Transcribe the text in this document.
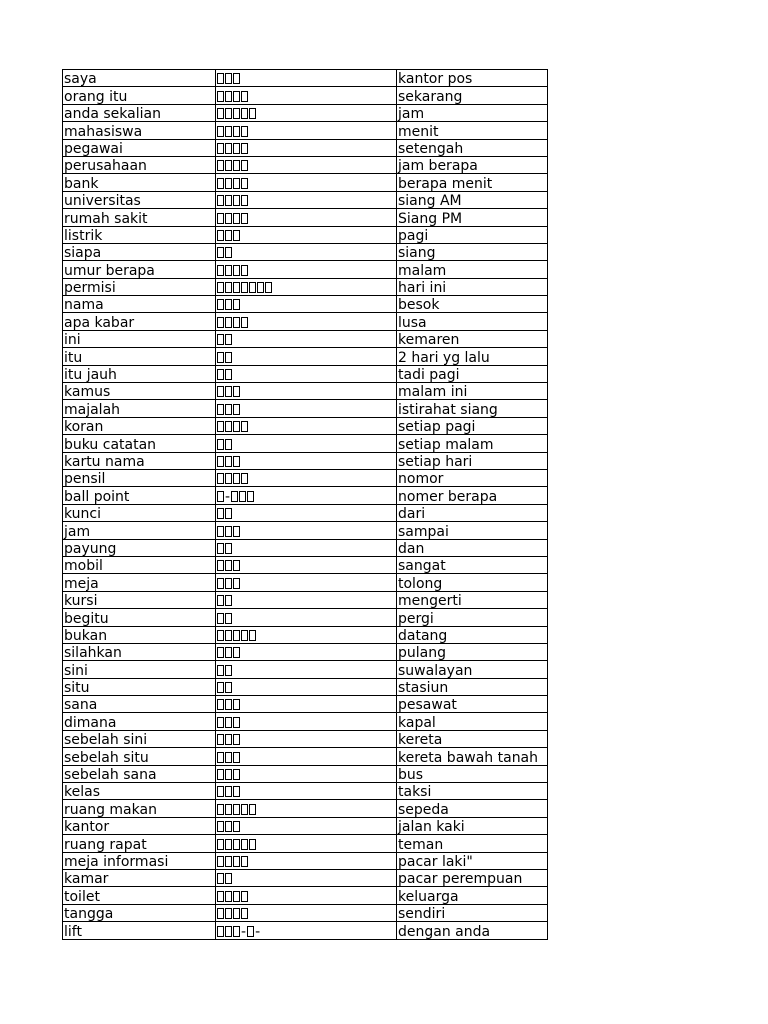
saya		kantor pos
orang itu		sekarang
anda sekalian		jam
mahasiswa		menit
pegawai		setengah
perusahaan		jam berapa
bank		berapa menit
universitas		siang AM
rumah sakit		Siang PM
listrik		pagi
siapa		siang
umur berapa		malam
permisi		hari ini
nama		besok
apa kabar		lusa
ini		kemaren
itu		2 hari yg lalu
itu jauh		tadi pagi
kamus		malam ini
majalah		istirahat siang
koran		setiap pagi
buku catatan		setiap malam
kartu nama		setiap hari
pensil		nomor
ball point	-	nomer berapa
kunci		dari
jam		sampai
payung		dan
mobil		sangat
meja		tolong
kursi		mengerti
begitu		pergi
bukan		datang
silahkan		pulang
sini		suwalayan
situ		stasiun
sana		pesawat
dimana		kapal
sebelah sini		kereta
sebelah situ		kereta bawah tanah
sebelah sana		bus
kelas		taksi
ruang makan		sepeda
kantor		jalan kaki
ruang rapat		teman
meja informasi		pacar laki"
kamar		pacar perempuan
toilet		keluarga
tangga		sendiri
lift	- -	dengan anda
